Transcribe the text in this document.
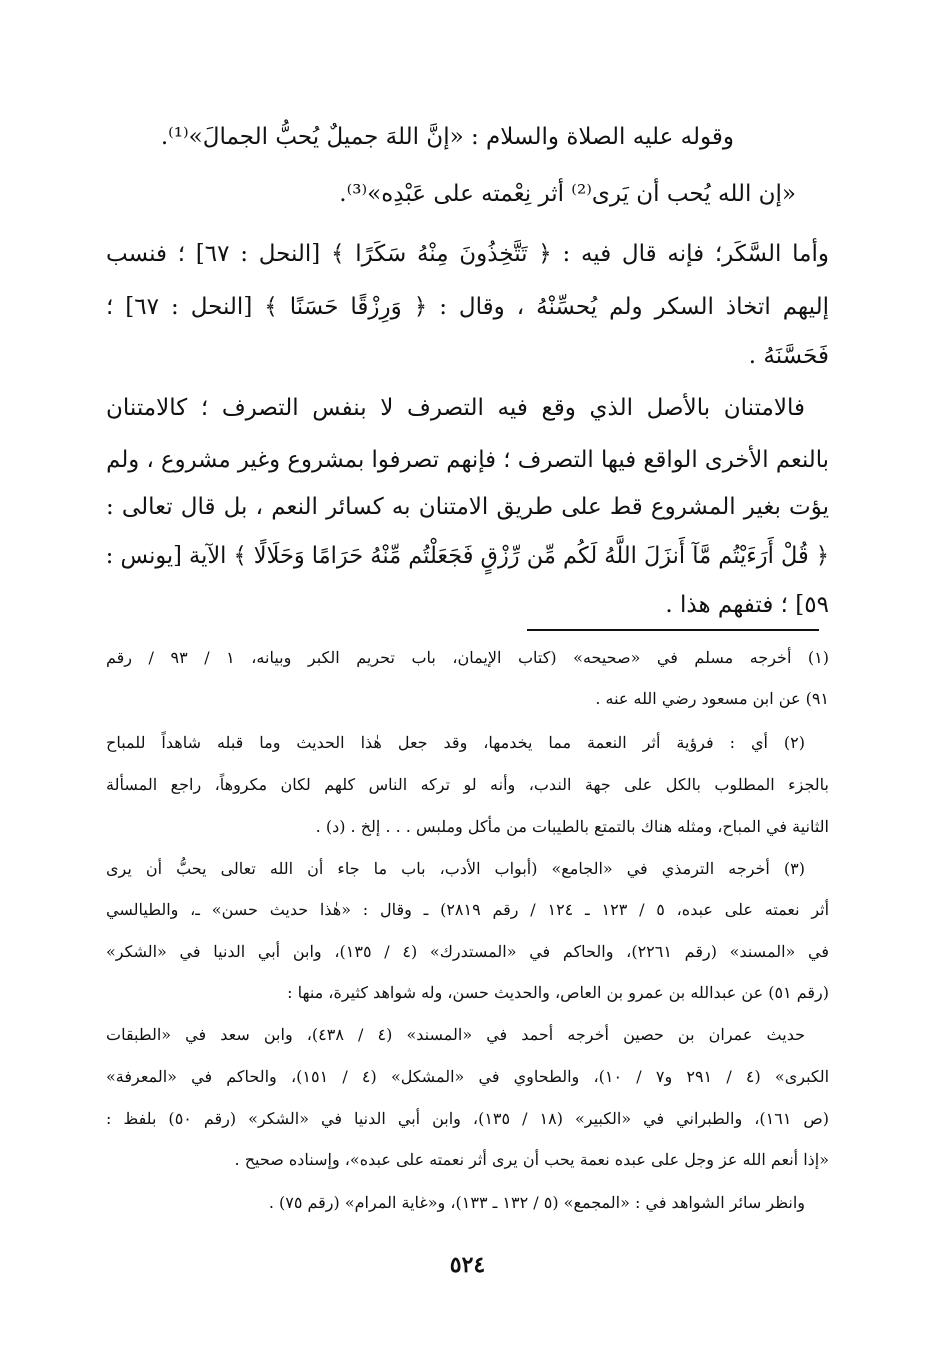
وقوله عليه الصلاة والسلام : «إنَّ اللهَ جميلٌ يُحبُّ الجمالَ»⁽¹⁾.
«إن الله يُحب أن يَرى⁽²⁾ أثر نِعْمته على عَبْدِه»⁽³⁾.
وأما السَّكَر؛ فإنه قال فيه : ﴿ تَتَّخِذُونَ مِنْهُ سَكَرًا ﴾ [النحل : ٦٧] ؛ فنسب
إليهم اتخاذ السكر ولم يُحسِّنْهُ ، وقال : ﴿ وَرِزْقًا حَسَنًا ﴾ [النحل : ٦٧] ؛
فَحَسَّنَهُ .
فالامتنان بالأصل الذي وقع فيه التصرف لا بنفس التصرف ؛ كالامتنان
بالنعم الأخرى الواقع فيها التصرف ؛ فإنهم تصرفوا بمشروع وغير مشروع ، ولم
يؤت بغير المشروع قط على طريق الامتنان به كسائر النعم ، بل قال تعالى :
﴿ قُلْ أَرَءَيْتُم مَّآ أَنزَلَ اللَّهُ لَكُم مِّن رِّزْقٍ فَجَعَلْتُم مِّنْهُ حَرَامًا وَحَلَالًا ﴾ الآية [يونس :
٥٩] ؛ فتفهم هذا .
(١) أخرجه مسلم في «صحيحه» (كتاب الإيمان، باب تحريم الكبر وبيانه، ١ / ٩٣ / رقم
٩١) عن ابن مسعود رضي الله عنه .
(٢) أي : فرؤية أثر النعمة مما يخدمها، وقد جعل هٰذا الحديث وما قبله شاهداً للمباح
بالجزء المطلوب بالكل على جهة الندب، وأنه لو تركه الناس كلهم لكان مكروهاً، راجع المسألة
الثانية في المباح، ومثله هناك بالتمتع بالطيبات من مأكل وملبس . . . إلخ . (د) .
(٣) أخرجه الترمذي في «الجامع» (أبواب الأدب، باب ما جاء أن الله تعالى يحبُّ أن يرى
أثر نعمته على عبده، ٥ / ١٢٣ ـ ١٢٤ / رقم ٢٨١٩) ـ وقال : «هٰذا حديث حسن» ـ، والطيالسي
في «المسند» (رقم ٢٢٦١)، والحاكم في «المستدرك» (٤ / ١٣٥)، وابن أبي الدنيا في «الشكر»
(رقم ٥١) عن عبدالله بن عمرو بن العاص، والحديث حسن، وله شواهد كثيرة، منها :
حديث عمران بن حصين أخرجه أحمد في «المسند» (٤ / ٤٣٨)، وابن سعد في «الطبقات
الكبرى» (٤ / ٢٩١ و٧ / ١٠)، والطحاوي في «المشكل» (٤ / ١٥١)، والحاكم في «المعرفة»
(ص ١٦١)، والطبراني في «الكبير» (١٨ / ١٣٥)، وابن أبي الدنيا في «الشكر» (رقم ٥٠) بلفظ :
«إذا أنعم الله عز وجل على عبده نعمة يحب أن يرى أثر نعمته على عبده»، وإسناده صحيح .
وانظر سائر الشواهد في : «المجمع» (٥ / ١٣٢ ـ ١٣٣)، و«غاية المرام» (رقم ٧٥) .
٥٢٤
